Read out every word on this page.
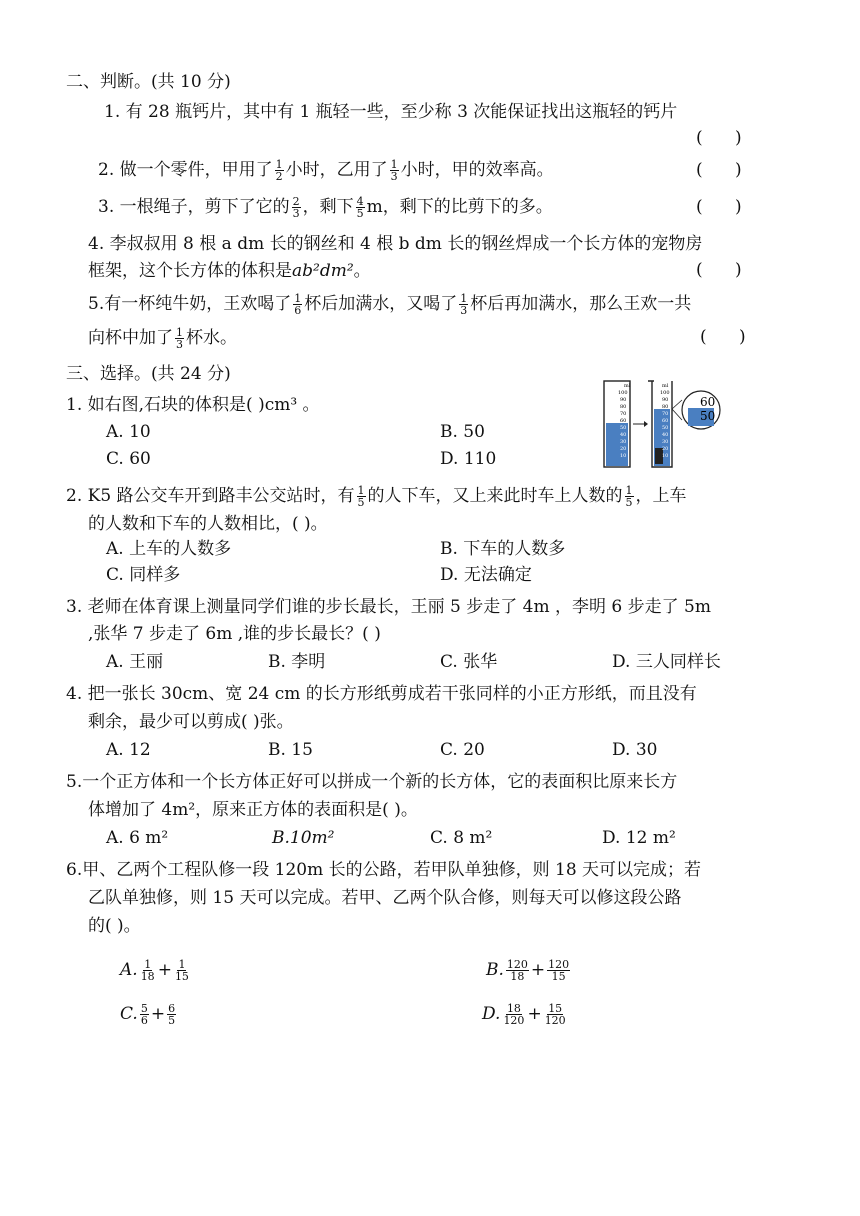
二、判断。(共 10 分)
1. 有 28 瓶钙片，其中有 1 瓶轻一些，至少称 3 次能保证找出这瓶轻的钙片
(      )
2. 做一个零件，甲用了 $\frac{1}{2}$ 小时，乙用了 $\frac{1}{3}$ 小时，甲的效率高。	(      )
3. 一根绳子，剪下了它的 $\frac{2}{3}$ ，剩下 $\frac{4}{5}$ m，剩下的比剪下的多。	(      )
4. 李叔叔用 8 根 a dm 长的钢丝和 4 根 b dm 长的钢丝焊成一个长方体的宠物房
框架，这个长方体的体积是ab²dm²。	(      )
5.有一杯纯牛奶，王欢喝了 $\frac{1}{6}$ 杯后加满水，又喝了 $\frac{1}{3}$ 杯后再加满水，那么王欢一共
向杯中加了 $\frac{1}{3}$ 杯水。	(      )
三、选择。(共 24 分)
1. 如右图,石块的体积是( )cm³ 。
A. 10	B. 50
C. 60	D. 110
ml
100
90
80
70
60
50
40
30
20
10
ml
100
90
80
70
60
50
40
30
20
10
60
50
2. K5 路公交车开到路丰公交站时，有 $\frac{1}{5}$ 的人下车，又上来此时车上人数的 $\frac{1}{5}$ ，上车
的人数和下车的人数相比，( )。
A. 上车的人数多	B. 下车的人数多
C. 同样多	D. 无法确定
3. 老师在体育课上测量同学们谁的步长最长，王丽 5 步走了 4m ，李明 6 步走了 5m
,张华 7 步走了 6m ,谁的步长最长？( )
A. 王丽	B. 李明	C. 张华	D. 三人同样长
4. 把一张长 30cm、宽 24 cm 的长方形纸剪成若干张同样的小正方形纸，而且没有
剩余，最少可以剪成( )张。
A. 12	B. 15	C. 20	D. 30
5.一个正方体和一个长方体正好可以拼成一个新的长方体，它的表面积比原来长方
体增加了 4m²，原来正方体的表面积是( )。
A. 6 m²	B.10m²	C. 8 m²	D. 12 m²
6.甲、乙两个工程队修一段 120m 长的公路，若甲队单独修，则 18 天可以完成；若
乙队单独修，则 15 天可以完成。若甲、乙两个队合修，则每天可以修这段公路
的( )。
A. $\frac{1}{18} + \frac{1}{15}$	B. $\frac{120}{18} + \frac{120}{15}$
C. $\frac{5}{6} + \frac{6}{5}$	D. $\frac{18}{120} + \frac{15}{120}$
